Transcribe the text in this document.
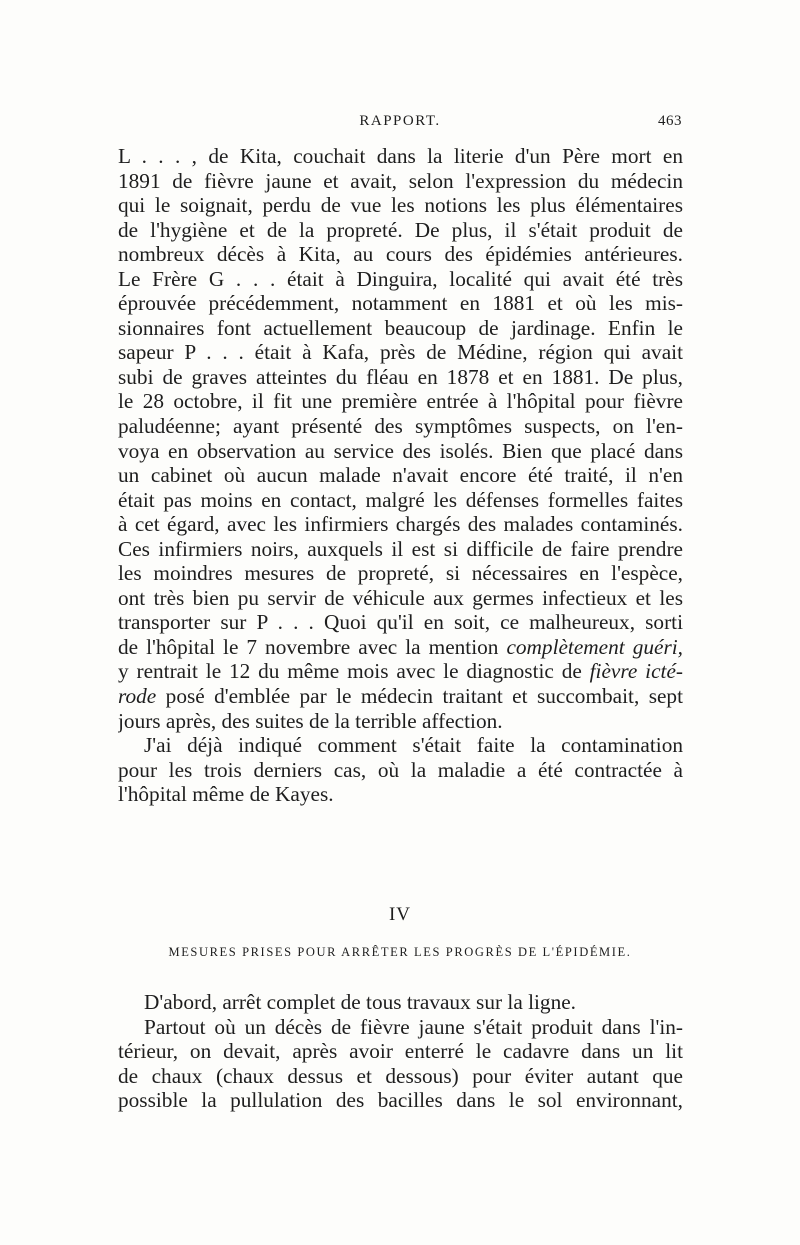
RAPPORT.	463
L . . . , de Kita, couchait dans la literie d'un Père mort en
1891 de fièvre jaune et avait, selon l'expression du médecin
qui le soignait, perdu de vue les notions les plus élémentaires
de l'hygiène et de la propreté. De plus, il s'était produit de
nombreux décès à Kita, au cours des épidémies antérieures.
Le Frère G . . . était à Dinguira, localité qui avait été très
éprouvée précédemment, notamment en 1881 et où les mis-
sionnaires font actuellement beaucoup de jardinage. Enfin le
sapeur P . . . était à Kafa, près de Médine, région qui avait
subi de graves atteintes du fléau en 1878 et en 1881. De plus,
le 28 octobre, il fit une première entrée à l'hôpital pour fièvre
paludéenne; ayant présenté des symptômes suspects, on l'en-
voya en observation au service des isolés. Bien que placé dans
un cabinet où aucun malade n'avait encore été traité, il n'en
était pas moins en contact, malgré les défenses formelles faites
à cet égard, avec les infirmiers chargés des malades contaminés.
Ces infirmiers noirs, auxquels il est si difficile de faire prendre
les moindres mesures de propreté, si nécessaires en l'espèce,
ont très bien pu servir de véhicule aux germes infectieux et les
transporter sur P . . . Quoi qu'il en soit, ce malheureux, sorti
de l'hôpital le 7 novembre avec la mention complètement guéri,
y rentrait le 12 du même mois avec le diagnostic de fièvre icté-
rode posé d'emblée par le médecin traitant et succombait, sept
jours après, des suites de la terrible affection.
J'ai déjà indiqué comment s'était faite la contamination
pour les trois derniers cas, où la maladie a été contractée à
l'hôpital même de Kayes.
IV
MESURES PRISES POUR ARRÊTER LES PROGRÈS DE L'ÉPIDÉMIE.
D'abord, arrêt complet de tous travaux sur la ligne.
Partout où un décès de fièvre jaune s'était produit dans l'in-
térieur, on devait, après avoir enterré le cadavre dans un lit
de chaux (chaux dessus et dessous) pour éviter autant que
possible la pullulation des bacilles dans le sol environnant,
